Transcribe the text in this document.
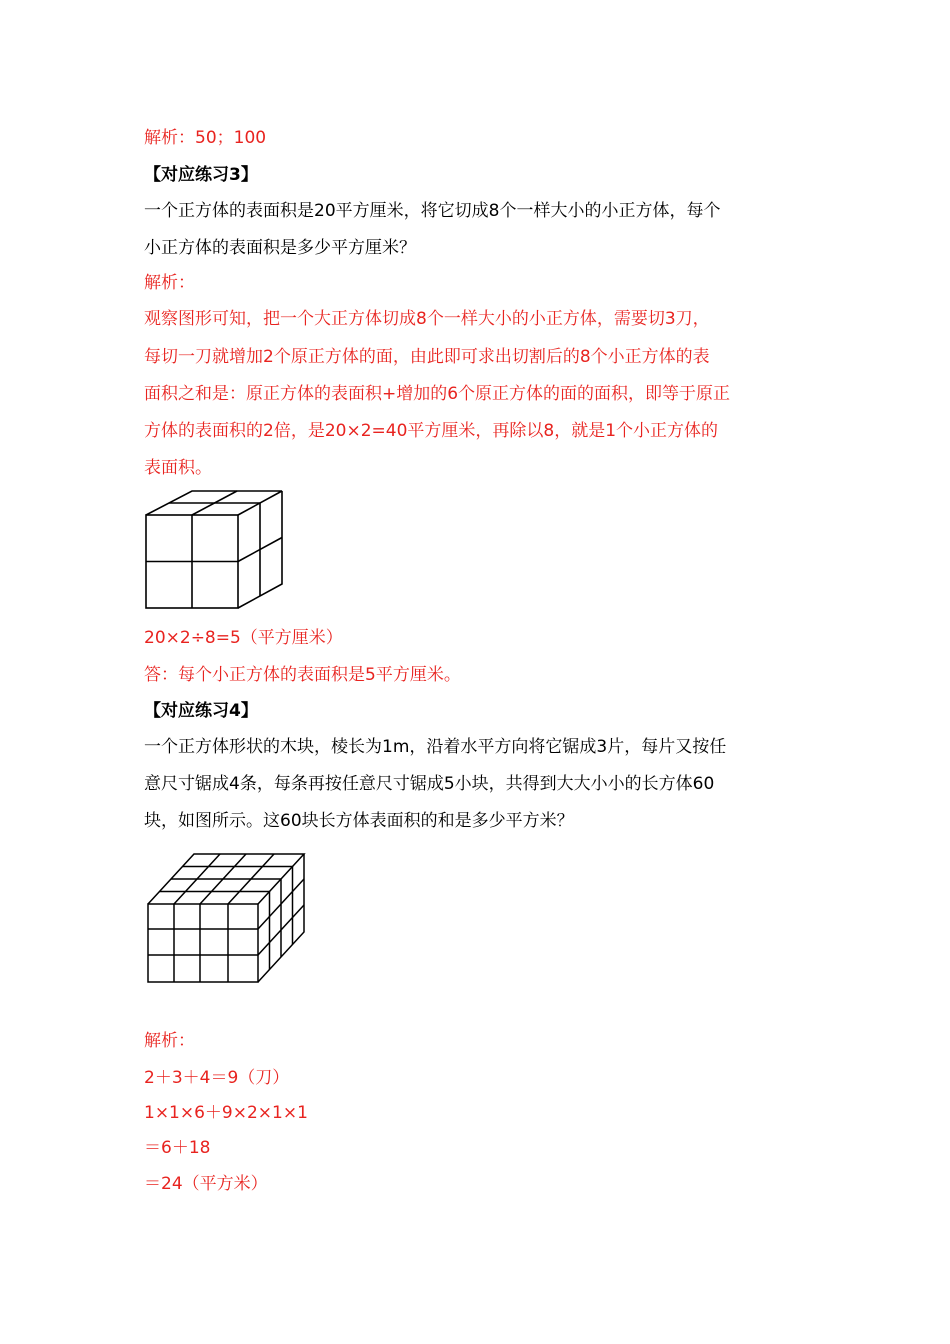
解析：50；100
【对应练习3】
一个正方体的表面积是20平方厘米，将它切成8个一样大小的小正方体，每个
小正方体的表面积是多少平方厘米？
解析：
观察图形可知，把一个大正方体切成8个一样大小的小正方体，需要切3刀，
每切一刀就增加2个原正方体的面，由此即可求出切割后的8个小正方体的表
面积之和是：原正方体的表面积+增加的6个原正方体的面的面积，即等于原正
方体的表面积的2倍，是20×2=40平方厘米，再除以8，就是1个小正方体的
表面积。
20×2÷8=5（平方厘米）
答：每个小正方体的表面积是5平方厘米。
【对应练习4】
一个正方体形状的木块，棱长为1m，沿着水平方向将它锯成3片，每片又按任
意尺寸锯成4条，每条再按任意尺寸锯成5小块，共得到大大小小的长方体60
块，如图所示。这60块长方体表面积的和是多少平方米？
解析：
2＋3＋4＝9（刀）
1×1×6＋9×2×1×1
＝6＋18
＝24（平方米）
